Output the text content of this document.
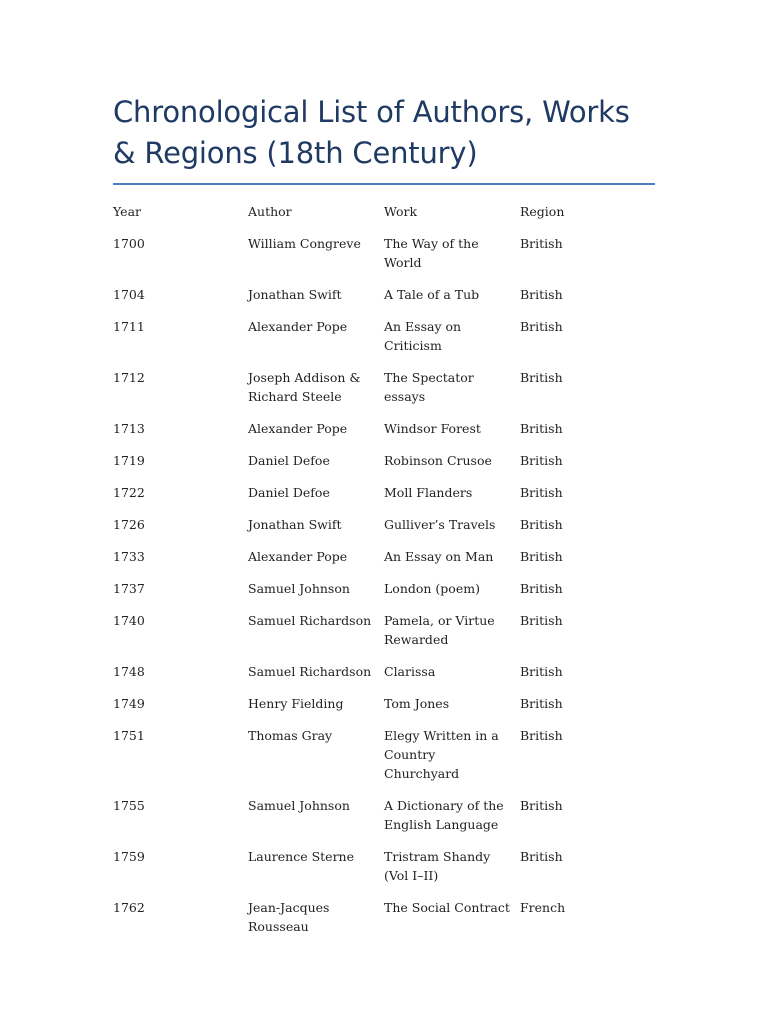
Chronological List of Authors, Works & Regions (18th Century)
Year	Author	Work	Region

1700	William Congreve	The Way of the World	British

1704	Jonathan Swift	A Tale of a Tub	British

1711	Alexander Pope	An Essay on Criticism	British

1712	Joseph Addison & Richard Steele	The Spectator essays	British

1713	Alexander Pope	Windsor Forest	British

1719	Daniel Defoe	Robinson Crusoe	British

1722	Daniel Defoe	Moll Flanders	British

1726	Jonathan Swift	Gulliver’s Travels	British

1733	Alexander Pope	An Essay on Man	British

1737	Samuel Johnson	London (poem)	British

1740	Samuel Richardson	Pamela, or Virtue Rewarded	British

1748	Samuel Richardson	Clarissa	British

1749	Henry Fielding	Tom Jones	British

1751	Thomas Gray	Elegy Written in a Country Churchyard	British

1755	Samuel Johnson	A Dictionary of the English Language	British

1759	Laurence Sterne	Tristram Shandy (Vol I–II)	British

1762	Jean-Jacques Rousseau	The Social Contract	French
